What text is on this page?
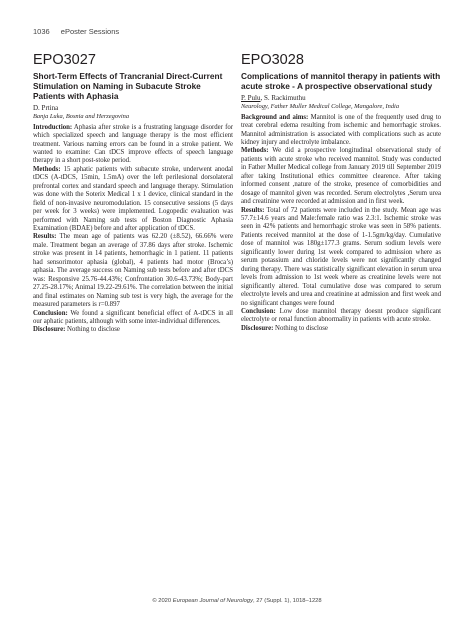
1036 ePoster Sessions
EPO3027
Short-Term Effects of Trancranial Direct-Current Stimulation on Naming in Subacute Stroke Patients with Aphasia

D. Prtina

Banja Luka, Bosnia and Herzegovina

Introduction: Aphasia after stroke is a frustrating language disorder for which specialized speech and language therapy is the most efficient treatment. Various naming errors can be found in a stroke patient. We wanted to examine: Can tDCS improve effects of speech language therapy in a short post-stoke period.

Methods: 15 aphatic patients with subacute stroke, underwent anodal tDCS (A-tDCS, 15min, 1.5mA) over the left perilesional dorsolateral prefrontal cortex and standard speech and language therapy. Stimulation was done with the Soterix Medical 1 x 1 device, clinical standard in the field of non-invasive neuromodulation. 15 consecutive sessions (5 days per week for 3 weeks) were implemented. Logopedic evaluation was performed with Naming sub tests of Boston Diagnostic Aphasia Examination (BDAE) before and after application of tDCS.

Results: The mean age of patients was 62.20 (±8.52), 66.66% were male. Treatment began an average of 37.86 days after stroke. Ischemic stroke was present in 14 patients, hemorrhagic in 1 patient. 11 patients had sensorimotor aphasia (global), 4 patients had motor (Broca’s) aphasia. The average success on Naming sub tests before and after tDCS was: Responsive 25.76-44.43%; Confrontation 30.6-43.73%; Body-part 27.25-28.17%; Animal 19.22-29.61%. The correlation between the initial and final estimates on Naming sub test is very high, the average for the measured parameters is r=0.897

Conclusion: We found a significant beneficial effect of A-tDCS in all our aphatic patients, although with some inter-individual differences.

Disclosure: Nothing to disclose

EPO3028
Complications of mannitol therapy in patients with acute stroke - A prospective observational study

P. Pulu, S. Rackimuthu

Neurology, Father Muller Medical College, Mangalore, India

Background and aims: Mannitol is one of the frequently used drug to treat cerebral edema resulting from ischemic and hemorrhagic strokes. Mannitol administration is associated with complications such as acute kidney injury and electrolyte imbalance.

Methods: We did a prospective longitudinal observational study of patients with acute stroke who received mannitol. Study was conducted in Father Muller Medical college from January 2019 till September 2019 after taking Institutional ethics committee clearence. After taking informed consent ,nature of the stroke, presence of comorbidities and dosage of mannitol given was recorded. Serum electrolytes ,Serum urea and creatinine were recorded at admission and in first week.

Results: Total of 72 patients were included in the study. Mean age was 57.7±14.6 years and Male:female ratio was 2.3:1. Ischemic stroke was seen in 42% patients and hemorrhagic stroke was seen in 58% patients. Patients received mannitol at the dose of 1-1.5gm/kg/day. Cumulative dose of mannitol was 180g±177.3 grams. Serum sodium levels were significantly lower during 1st week compared to admission where as serum potassium and chloride levels were not significantly changed during therapy. There was statistically significant elevation in serum urea levels from admission to 1st week where as creatinine levels were not significantly altered. Total cumulative dose was compared to serum electrolyte levels and urea and creatinine at admission and first week and no significant changes were found

Conclusion: Low dose mannitol therapy doesnt produce significant electrolyte or renal function abnormality in patients with acute stroke.

Disclosure: Nothing to disclose

© 2020 European Journal of Neurology, 27 (Suppl. 1), 1018–1228
